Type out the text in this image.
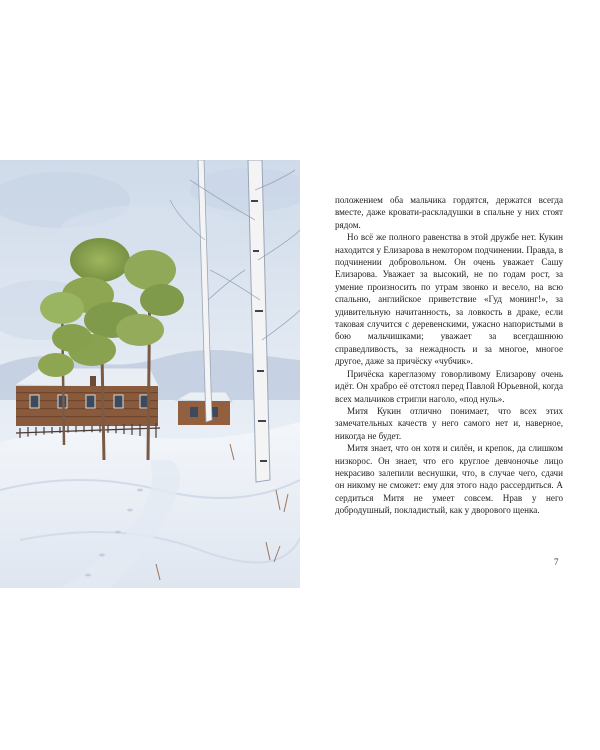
положением оба мальчика гордятся, держатся всегда вместе, даже кровати-раскладушки в спальне у них стоят рядом.

Но всё же полного равенства в этой дружбе нет. Кукин находится у Елизарова в некотором подчинении. Правда, в подчинении добровольном. Он очень уважает Сашу Елизарова. Уважает за высокий, не по годам рост, за умение произносить по утрам звонко и весело, на всю спальню, английское приветствие «Гуд монинг!», за удивительную начитанность, за ловкость в драке, если таковая случится с деревенскими, ужасно напористыми в бою мальчишками; уважает за всегдашнюю справедливость, за нежадность и за многое, многое другое, даже за причёску «чубчик».

Причёска кареглазому говорливому Елизарову очень идёт. Он храбро её отстоял перед Павлой Юрьевной, когда всех мальчиков стригли наголо, «под нуль».

Митя Кукин отлично понимает, что всех этих замечательных качеств у него самого нет и, наверное, никогда не будет.

Митя знает, что он хотя и силён, и крепок, да слишком низкорос. Он знает, что его круглое девчоночье лицо некрасиво залепили веснушки, что, в случае чего, сдачи он никому не сможет: ему для этого надо рассердиться. А сердиться Митя не умеет совсем. Нрав у него добродушный, покладистый, как у дворового щенка.

7
